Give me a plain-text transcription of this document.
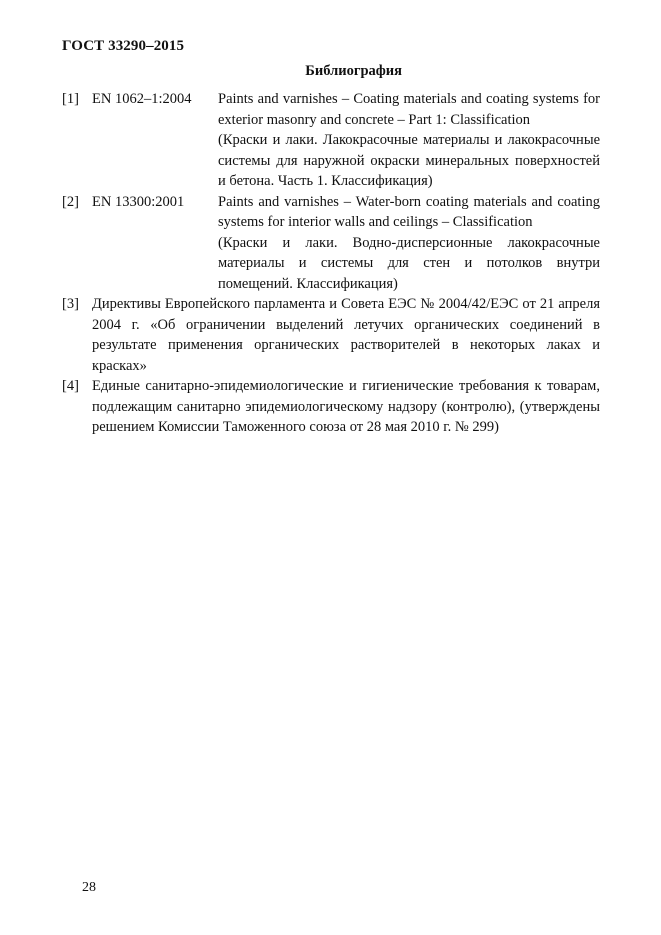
ГОСТ 33290–2015
Библиография
[1] EN 1062–1:2004	Paints and varnishes – Coating materials and coating systems for exterior masonry and concrete – Part 1: Classification

(Краски и лаки. Лакокрасочные материалы и лакокрасочные системы для наружной окраски минеральных поверхностей и бетона. Часть 1. Классификация)

[2] EN 13300:2001	Paints and varnishes – Water-born coating materials and coating systems for interior walls and ceilings – Classification

(Краски и лаки. Водно-дисперсионные лакокрасочные материалы и системы для стен и потолков внутри помещений. Классификация)

[3] Директивы Европейского парламента и Совета ЕЭС № 2004/42/ЕЭС от 21 апреля 2004 г. «Об ограничении выделений летучих органических соединений в результате применения органических растворителей в некоторых лаках и красках»
[4] Единые санитарно-эпидемиологические и гигиенические требования к товарам, подлежащим санитарно эпидемиологическому надзору (контролю), (утверждены решением Комиссии Таможенного союза от 28 мая 2010 г. № 299)
28
